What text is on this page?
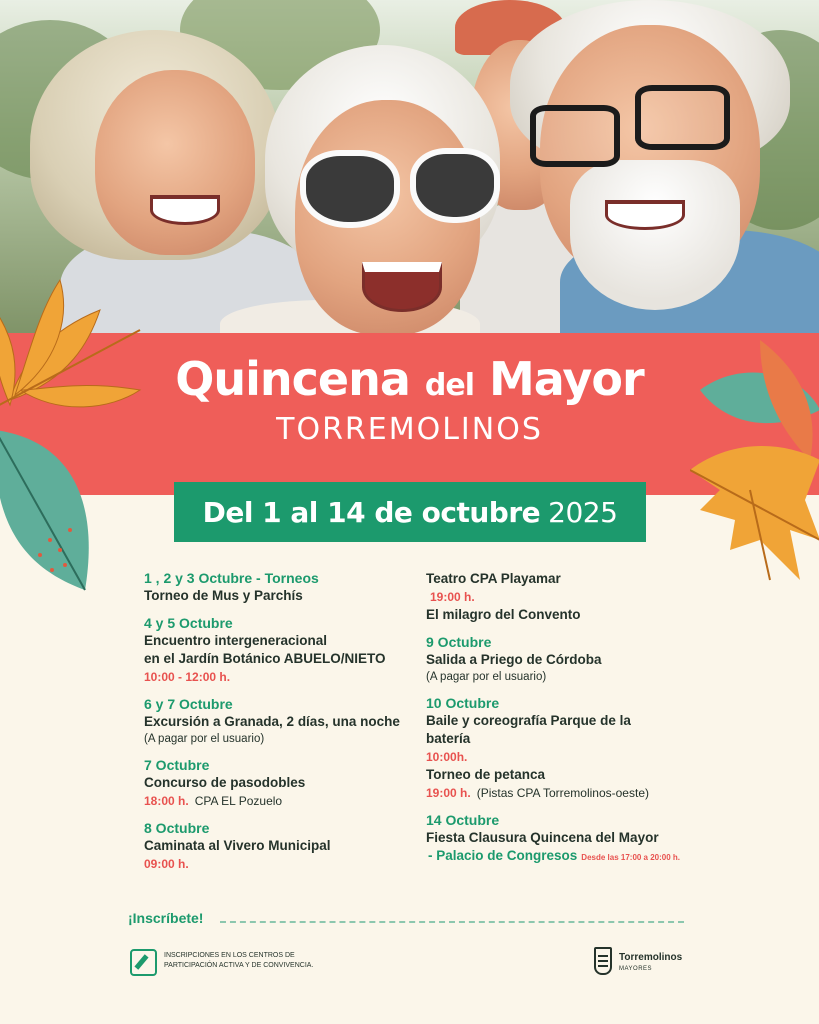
Quincena del Mayor
TORREMOLINOS
Del 1 al 14 de octubre 2025
1 , 2 y 3 Octubre - Torneos
Torneo de Mus y Parchís
4 y 5 Octubre
Encuentro intergeneracional
en el Jardín Botánico ABUELO/NIETO
10:00 - 12:00 h.
6 y 7 Octubre
Excursión a Granada, 2 días, una noche
(A pagar por el usuario)
7 Octubre
Concurso de pasodobles
18:00 h. CPA EL Pozuelo
8 Octubre
Caminata al Vivero Municipal
09:00 h.
Teatro CPA Playamar
19:00 h.
El milagro del Convento
9 Octubre
Salida a Priego de Córdoba
(A pagar por el usuario)
10 Octubre
Baile y coreografía Parque de la
batería
10:00h.
Torneo de petanca
19:00 h. (Pistas CPA Torremolinos-oeste)
14 Octubre
Fiesta Clausura Quincena del Mayor
- Palacio de Congresos Desde las 17:00 a 20:00 h.
¡Inscríbete!
INSCRIPCIONES EN LOS CENTROS DE PARTICIPACIÓN ACTIVA Y DE CONVIVENCIA.
Torremolinos
MAYORES
